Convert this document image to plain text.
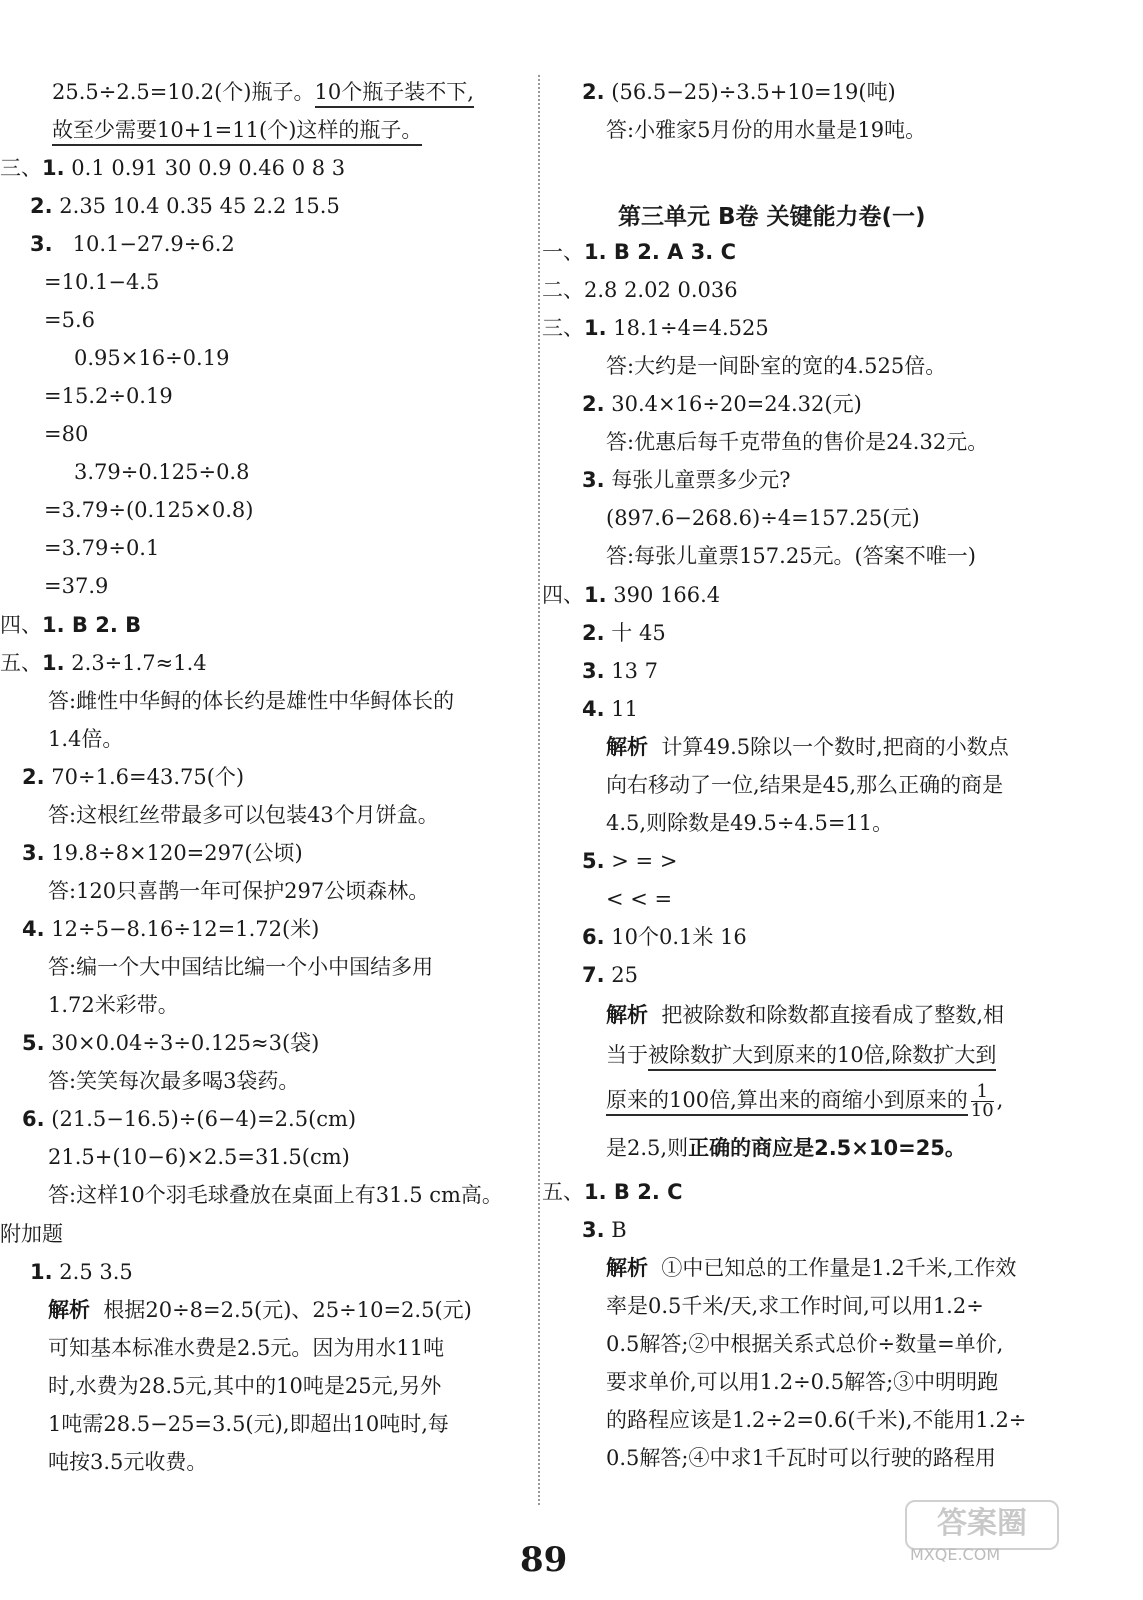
25.5÷2.5=10.2(个)瓶子。10个瓶子装不下,
故至少需要10+1=11(个)这样的瓶子。
三、1. 0.1 0.91 30 0.9 0.46 0 8 3
2. 2.35 10.4 0.35 45 2.2 15.5
3. 10.1−27.9÷6.2
=10.1−4.5
=5.6
0.95×16÷0.19
=15.2÷0.19
=80
3.79÷0.125÷0.8
=3.79÷(0.125×0.8)
=3.79÷0.1
=37.9
四、1. B 2. B
五、1. 2.3÷1.7≈1.4
答:雌性中华鲟的体长约是雄性中华鲟体长的
1.4倍。
2. 70÷1.6=43.75(个)
答:这根红丝带最多可以包装43个月饼盒。
3. 19.8÷8×120=297(公顷)
答:120只喜鹊一年可保护297公顷森林。
4. 12÷5−8.16÷12=1.72(米)
答:编一个大中国结比编一个小中国结多用
1.72米彩带。
5. 30×0.04÷3÷0.125≈3(袋)
答:笑笑每次最多喝3袋药。
6. (21.5−16.5)÷(6−4)=2.5(cm)
21.5+(10−6)×2.5=31.5(cm)
答:这样10个羽毛球叠放在桌面上有31.5 cm高。
附加题
1. 2.5 3.5
解析 根据20÷8=2.5(元)、25÷10=2.5(元)
可知基本标准水费是2.5元。因为用水11吨
时,水费为28.5元,其中的10吨是25元,另外
1吨需28.5−25=3.5(元),即超出10吨时,每
吨按3.5元收费。
2. (56.5−25)÷3.5+10=19(吨)
答:小雅家5月份的用水量是19吨。
第三单元 B卷 关键能力卷(一)
一、1. B 2. A 3. C
二、2.8 2.02 0.036
三、1. 18.1÷4=4.525
答:大约是一间卧室的宽的4.525倍。
2. 30.4×16÷20=24.32(元)
答:优惠后每千克带鱼的售价是24.32元。
3. 每张儿童票多少元?
(897.6−268.6)÷4=157.25(元)
答:每张儿童票157.25元。(答案不唯一)
四、1. 390 166.4
2. 十 45
3. 13 7
4. 11
解析 计算49.5除以一个数时,把商的小数点
向右移动了一位,结果是45,那么正确的商是
4.5,则除数是49.5÷4.5=11。
5. > = >
< < =
6. 10个0.1米 16
7. 25
解析 把被除数和除数都直接看成了整数,相
当于被除数扩大到原来的10倍,除数扩大到
原来的100倍,算出来的商缩小到原来的 $\frac{1}{10}$ ,
是2.5,则正确的商应是2.5×10=25。
五、1. B 2. C
3. B
解析 ①中已知总的工作量是1.2千米,工作效
率是0.5千米/天,求工作时间,可以用1.2÷
0.5解答;②中根据关系式总价÷数量=单价,
要求单价,可以用1.2÷0.5解答;③中明明跑
的路程应该是1.2÷2=0.6(千米),不能用1.2÷
0.5解答;④中求1千瓦时可以行驶的路程用
89
答案圈
MXQE.COM
